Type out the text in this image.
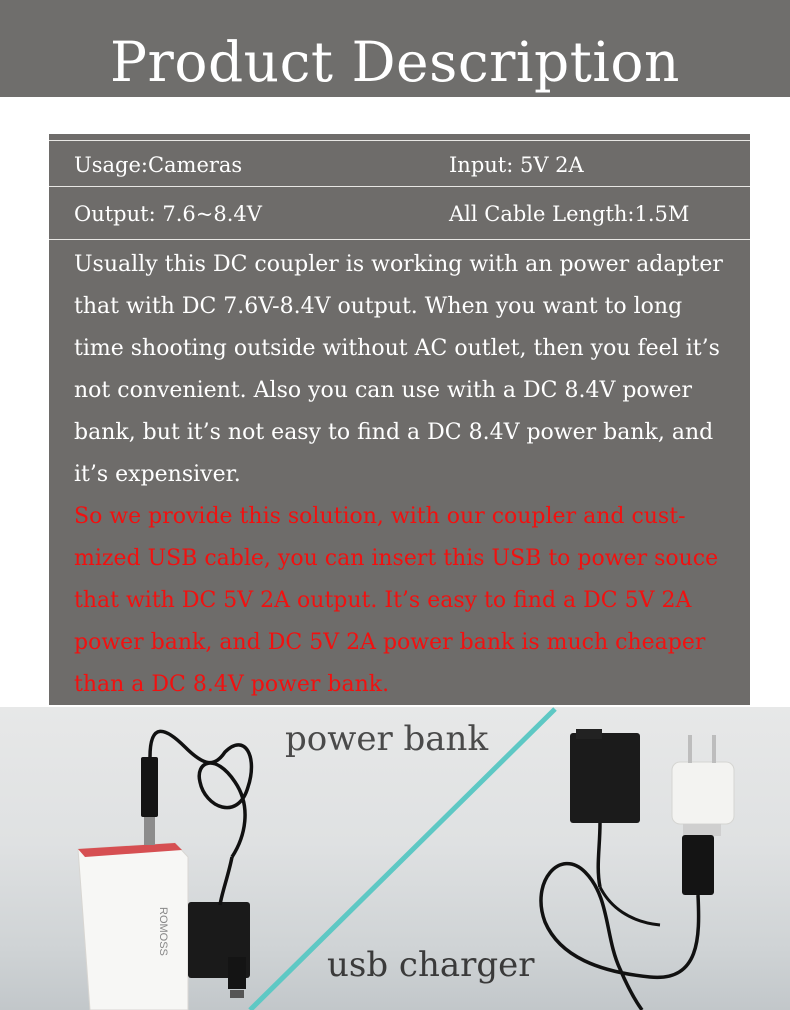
Product Description
Usage:Cameras	Input: 5V 2A
Output: 7.6~8.4V	All Cable Length:1.5M
Usually this DC coupler is working with an power adapter
that with DC 7.6V-8.4V output. When you want to long
time shooting outside without AC outlet, then you feel it’s
not convenient. Also you can use with a DC 8.4V power
bank, but it’s not easy to find a DC 8.4V power bank, and
it’s expensiver.
So we provide this solution, with our coupler and cust-
mized USB cable, you can insert this USB to power souce
that with DC 5V 2A output. It’s easy to find a DC 5V 2A
power bank, and DC 5V 2A power bank is much cheaper
than a DC 8.4V power bank.
ROMOSS
power bank
usb charger
